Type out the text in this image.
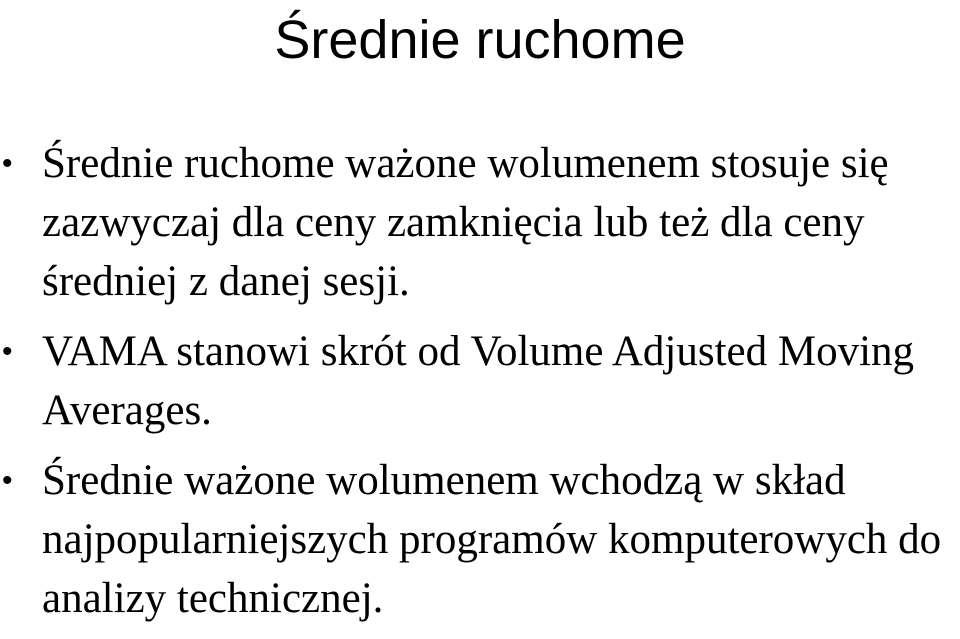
Średnie ruchome
• Średnie ruchome ważone wolumenem stosuje się zazwyczaj dla ceny zamknięcia lub też dla ceny średniej z danej sesji.
• VAMA stanowi skrót od Volume Adjusted Moving Averages.
• Średnie ważone wolumenem wchodzą w skład najpopularniejszych programów komputerowych do analizy technicznej.
